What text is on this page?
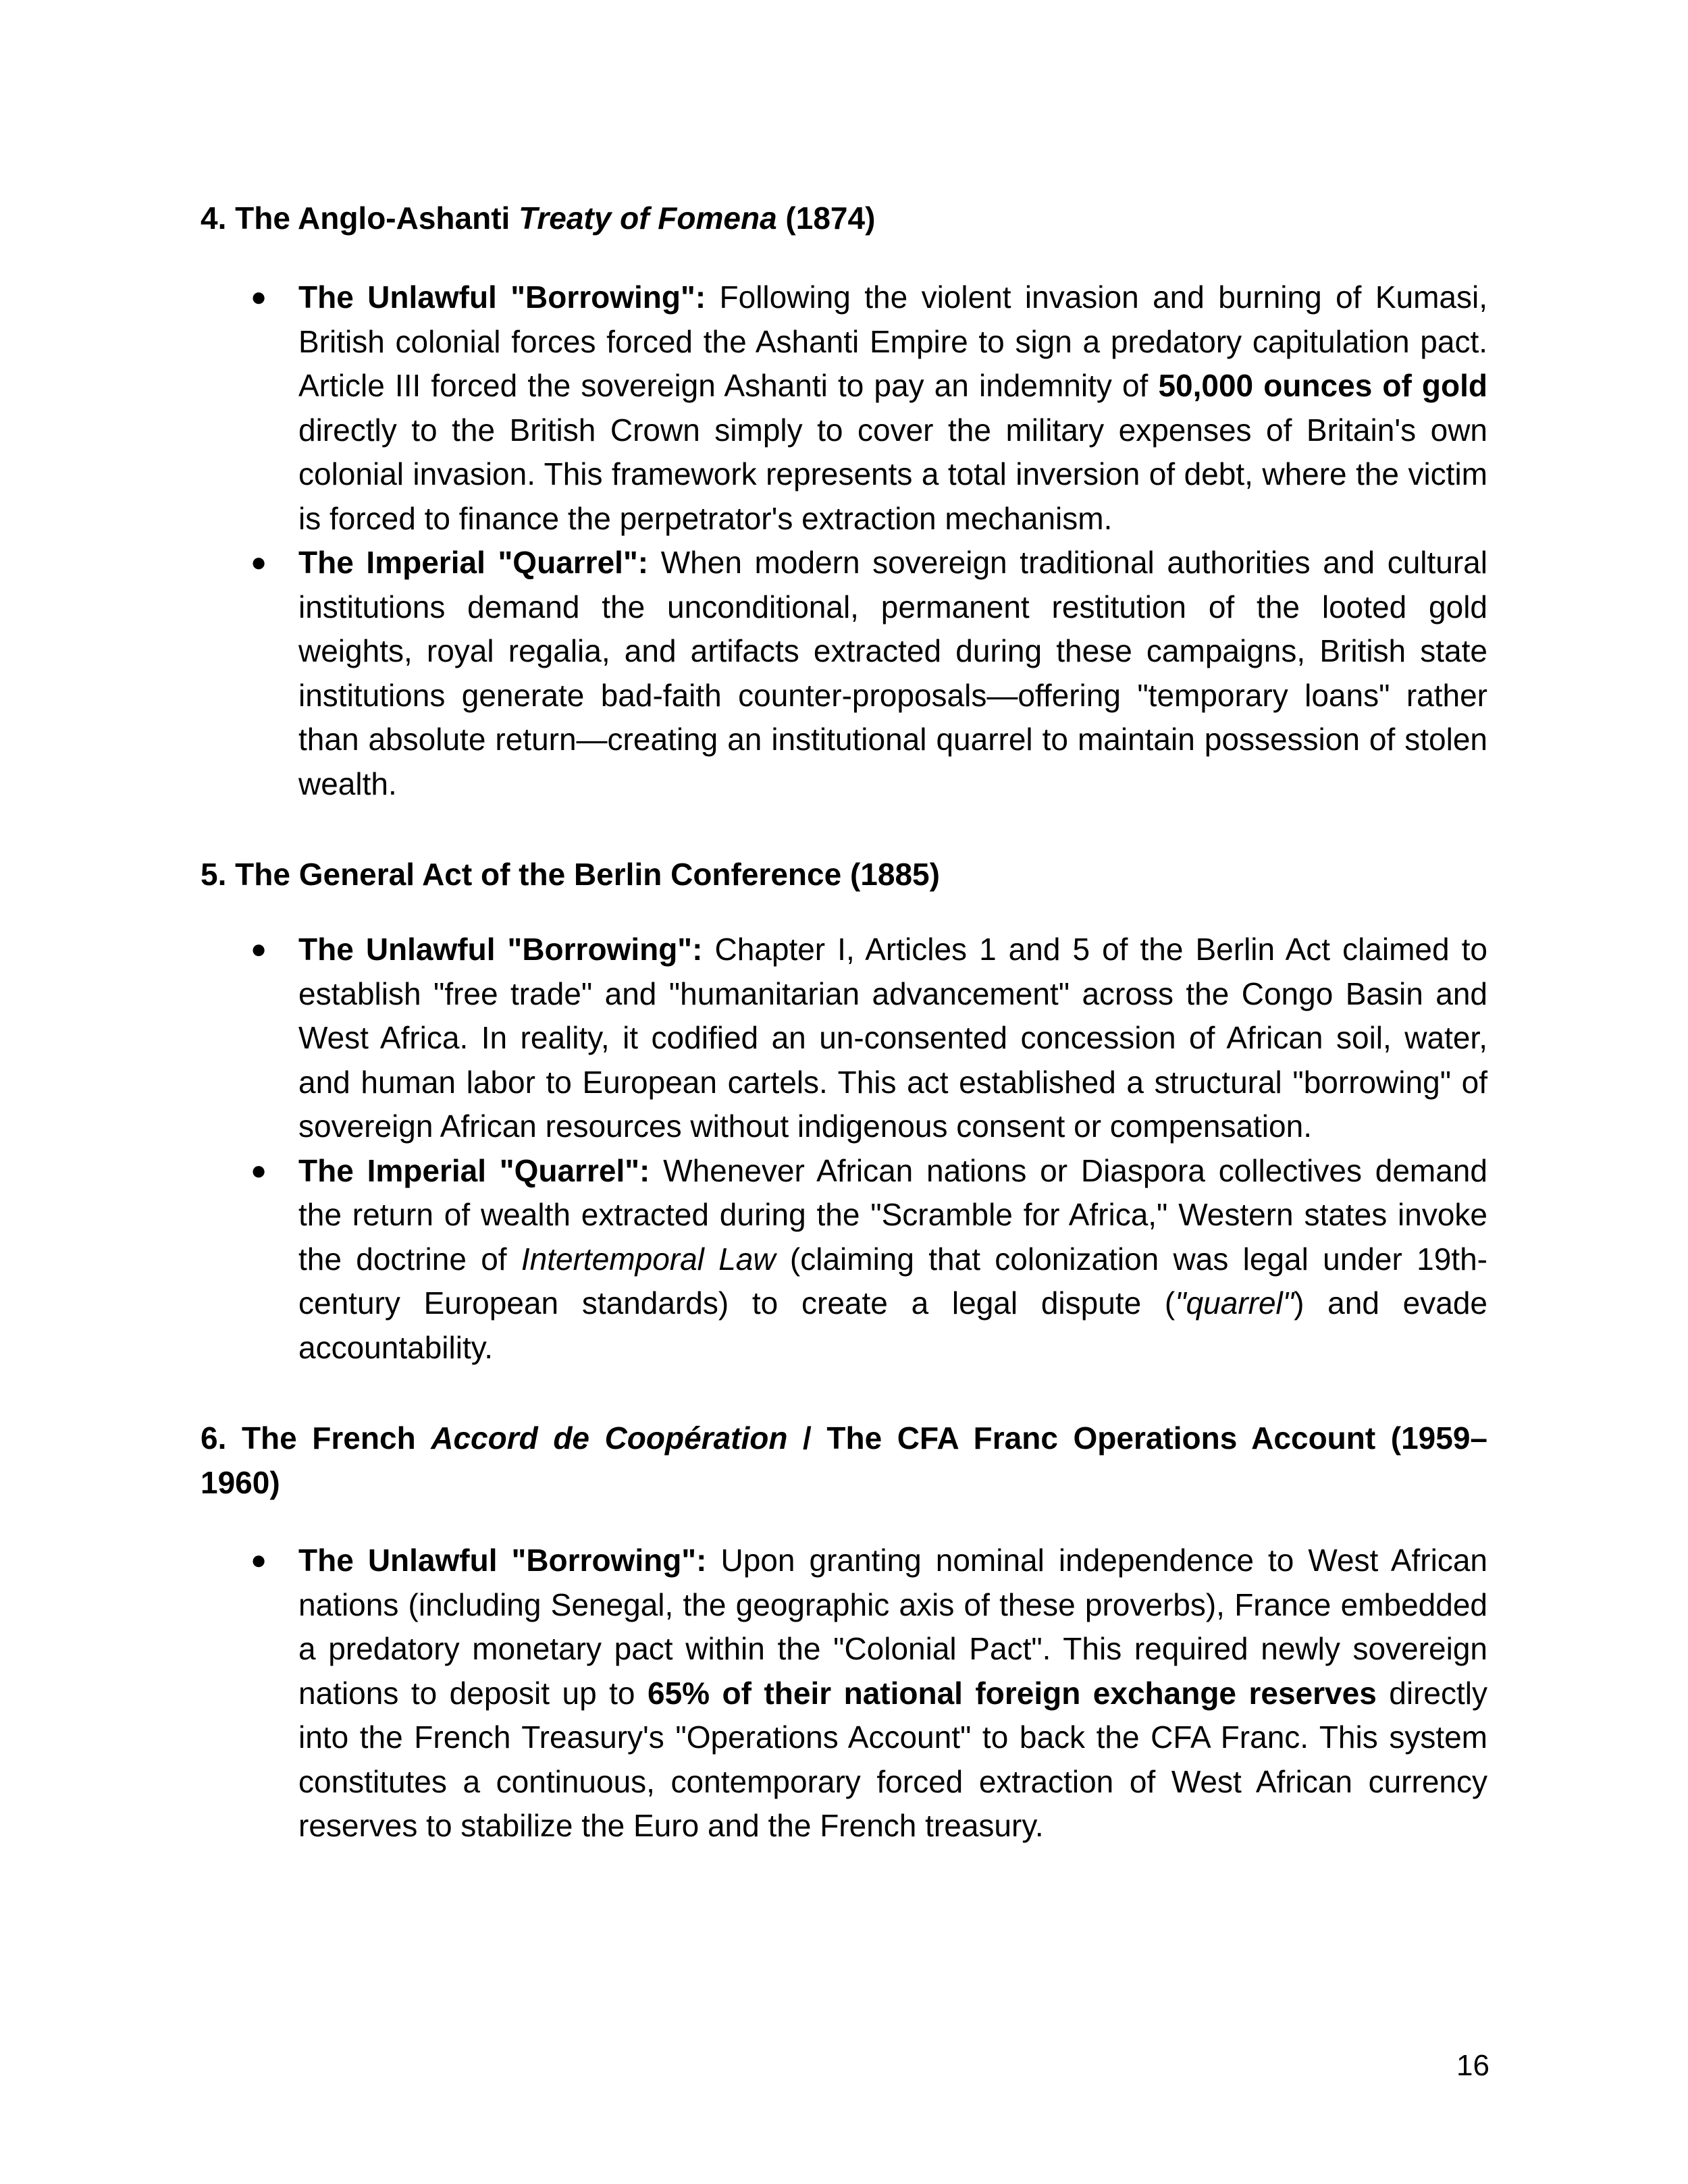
4. The Anglo-Ashanti Treaty of Fomena (1874)
● The Unlawful "Borrowing": Following the violent invasion and burning of Kumasi, British colonial forces forced the Ashanti Empire to sign a predatory capitulation pact. Article III forced the sovereign Ashanti to pay an indemnity of 50,000 ounces of gold directly to the British Crown simply to cover the military expenses of Britain's own colonial invasion. This framework represents a total inversion of debt, where the victim is forced to finance the perpetrator's extraction mechanism.
● The Imperial "Quarrel": When modern sovereign traditional authorities and cultural institutions demand the unconditional, permanent restitution of the looted gold weights, royal regalia, and artifacts extracted during these campaigns, British state institutions generate bad-faith counter-proposals—offering "temporary loans" rather than absolute return—creating an institutional quarrel to maintain possession of stolen wealth.
5. The General Act of the Berlin Conference (1885)
● The Unlawful "Borrowing": Chapter I, Articles 1 and 5 of the Berlin Act claimed to establish "free trade" and "humanitarian advancement" across the Congo Basin and West Africa. In reality, it codified an un-consented concession of African soil, water, and human labor to European cartels. This act established a structural "borrowing" of sovereign African resources without indigenous consent or compensation.
● The Imperial "Quarrel": Whenever African nations or Diaspora collectives demand the return of wealth extracted during the "Scramble for Africa," Western states invoke the doctrine of Intertemporal Law (claiming that colonization was legal under 19th-century European standards) to create a legal dispute ("quarrel") and evade accountability.
6. The French Accord de Coopération / The CFA Franc Operations Account (1959–1960)
● The Unlawful "Borrowing": Upon granting nominal independence to West African nations (including Senegal, the geographic axis of these proverbs), France embedded a predatory monetary pact within the "Colonial Pact". This required newly sovereign nations to deposit up to 65% of their national foreign exchange reserves directly into the French Treasury's "Operations Account" to back the CFA Franc. This system constitutes a continuous, contemporary forced extraction of West African currency reserves to stabilize the Euro and the French treasury.
16
